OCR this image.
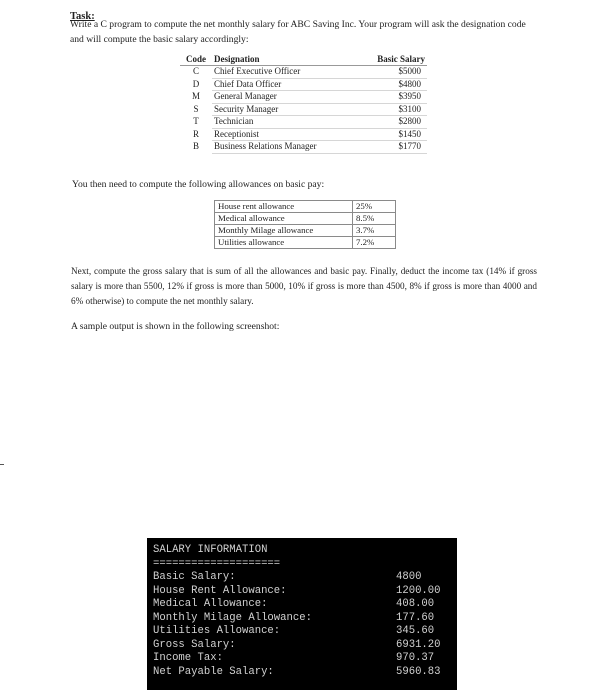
Task:
Write a C program to compute the net monthly salary for ABC Saving Inc. Your program will ask the designation code and will compute the basic salary accordingly:
Code	Designation	Basic Salary
C	Chief Executive Officer	$5000
D	Chief Data Officer	$4800
M	General Manager	$3950
S	Security Manager	$3100
T	Technician	$2800
R	Receptionist	$1450
B	Business Relations Manager	$1770
You then need to compute the following allowances on basic pay:
House rent allowance	25%
Medical allowance	8.5%
Monthly Milage allowance	3.7%
Utilities allowance	7.2%
Next, compute the gross salary that is sum of all the allowances and basic pay. Finally, deduct the income tax (14% if gross salary is more than 5500, 12% if gross is more than 5000, 10% if gross is more than 4500, 8% if gross is more than 4000 and 6% otherwise) to compute the net monthly salary.
A sample output is shown in the following screenshot:
SALARY INFORMATION
====================
Basic Salary:	4800
House Rent Allowance:	1200.00
Medical Allowance:	408.00
Monthly Milage Allowance:	177.60
Utilities Allowance:	345.60
Gross Salary:	6931.20
Income Tax:	970.37
Net Payable Salary:	5960.83
